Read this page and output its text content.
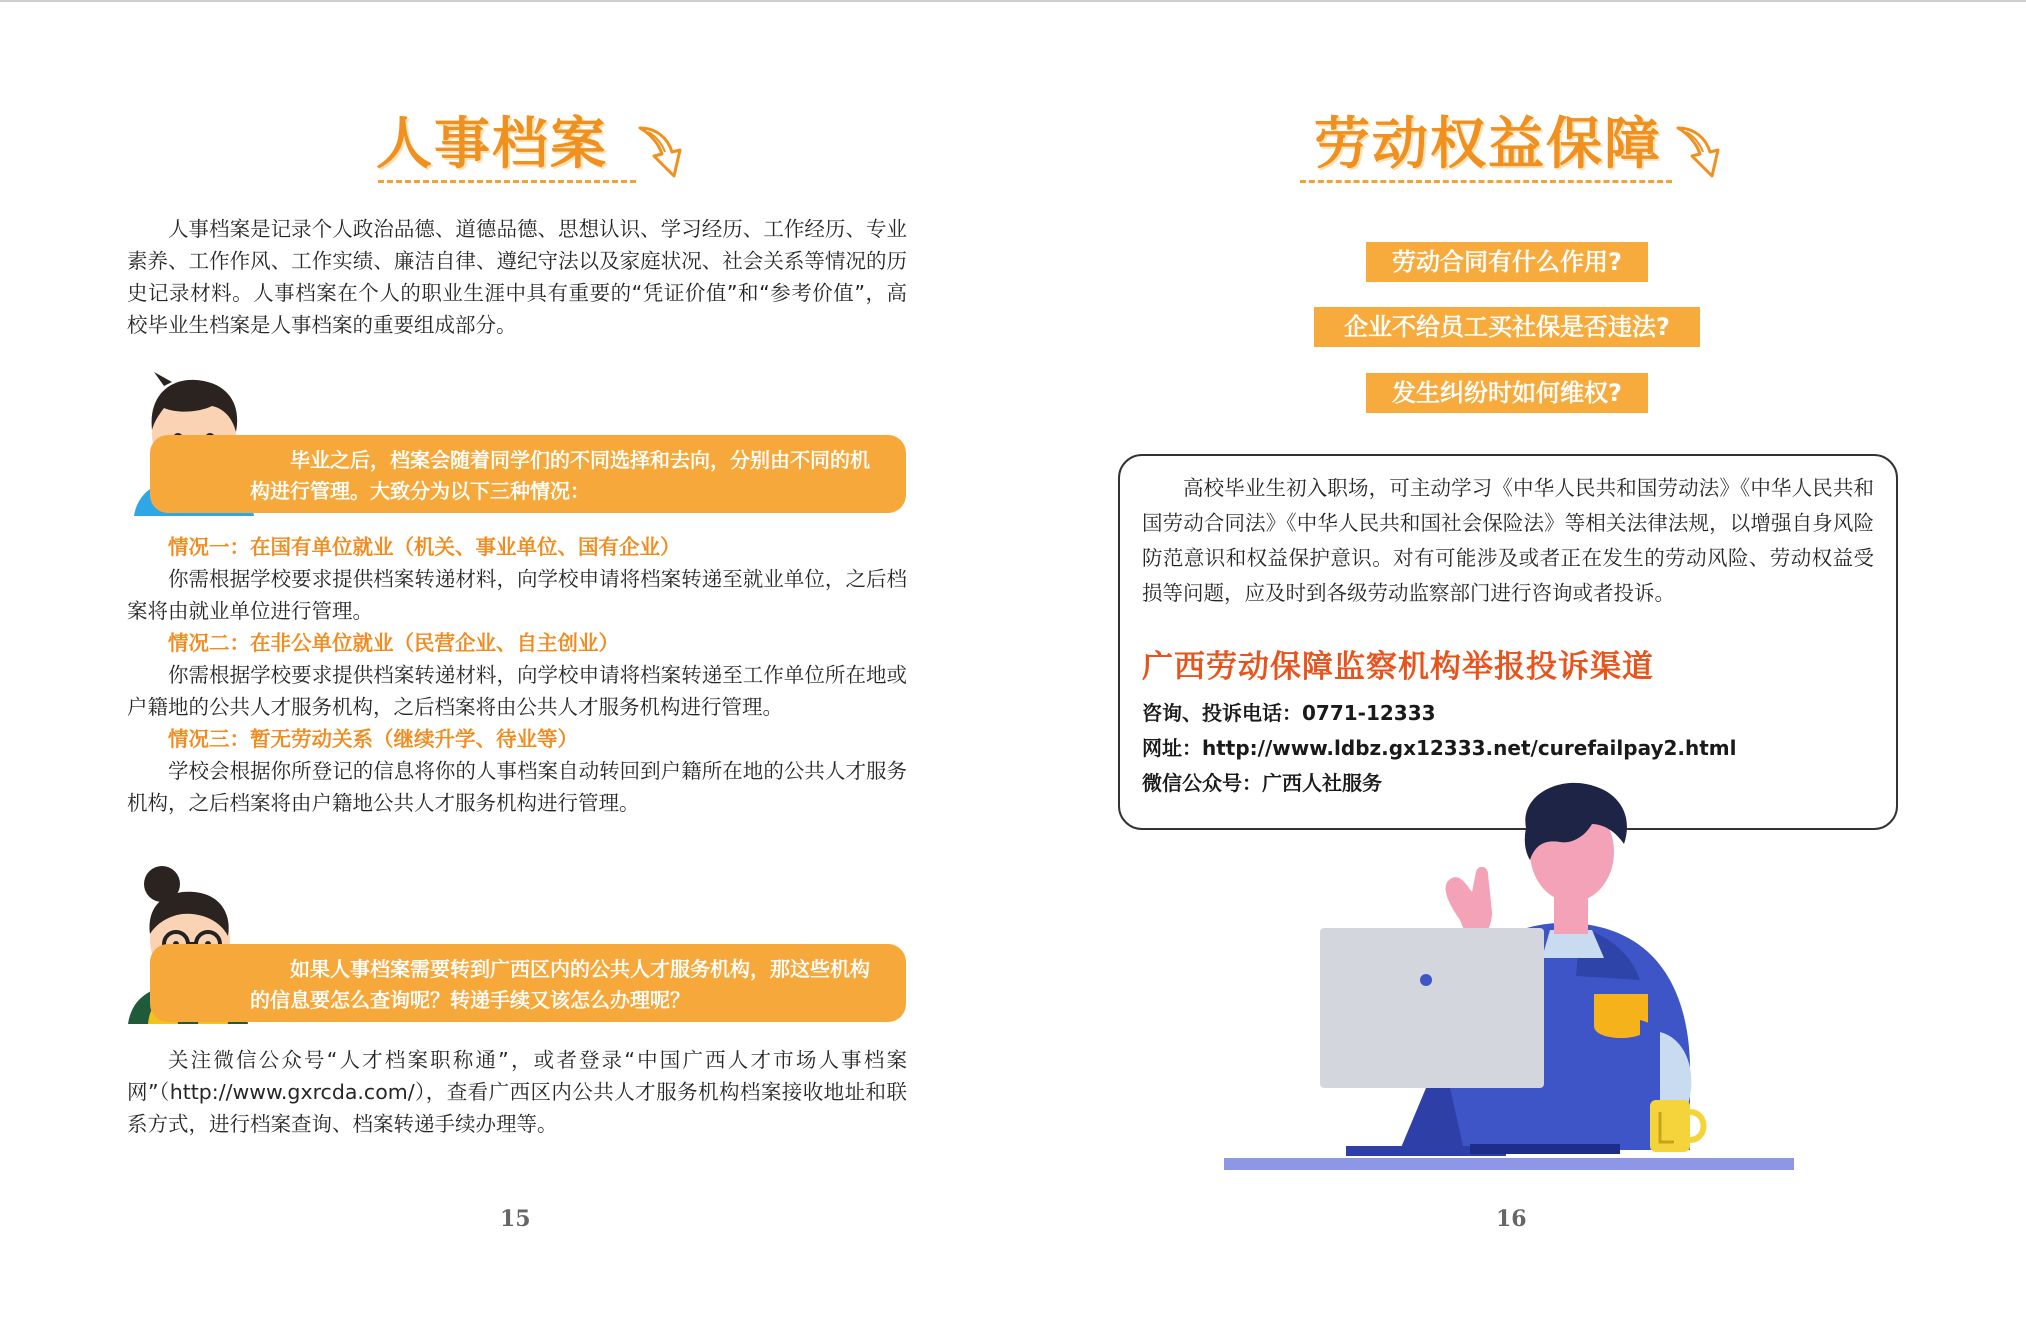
人事档案

人事档案是记录个人政治品德、道德品德、思想认识、学习经历、工作经历、专业素养、工作作风、工作实绩、廉洁自律、遵纪守法以及家庭状况、社会关系等情况的历史记录材料。人事档案在个人的职业生涯中具有重要的“凭证价值”和“参考价值”，高校毕业生档案是人事档案的重要组成部分。

毕业之后，档案会随着同学们的不同选择和去向，分别由不同的机构进行管理。大致分为以下三种情况：

情况一：在国有单位就业（机关、事业单位、国有企业）

你需根据学校要求提供档案转递材料，向学校申请将档案转递至就业单位，之后档案将由就业单位进行管理。

情况二：在非公单位就业（民营企业、自主创业）

你需根据学校要求提供档案转递材料，向学校申请将档案转递至工作单位所在地或户籍地的公共人才服务机构，之后档案将由公共人才服务机构进行管理。

情况三：暂无劳动关系（继续升学、待业等）

学校会根据你所登记的信息将你的人事档案自动转回到户籍所在地的公共人才服务机构，之后档案将由户籍地公共人才服务机构进行管理。

如果人事档案需要转到广西区内的公共人才服务机构，那这些机构的信息要怎么查询呢？转递手续又该怎么办理呢？

关注微信公众号“人才档案职称通”，或者登录“中国广西人才市场人事档案网”（http://www.gxrcda.com/），查看广西区内公共人才服务机构档案接收地址和联系方式，进行档案查询、档案转递手续办理等。

15
劳动权益保障
劳动合同有什么作用?
企业不给员工买社保是否违法?
发生纠纷时如何维权?

高校毕业生初入职场，可主动学习《中华人民共和国劳动法》《中华人民共和国劳动合同法》《中华人民共和国社会保险法》等相关法律法规，以增强自身风险防范意识和权益保护意识。对有可能涉及或者正在发生的劳动风险、劳动权益受损等问题，应及时到各级劳动监察部门进行咨询或者投诉。

广西劳动保障监察机构举报投诉渠道
咨询、投诉电话：0771-12333
网址：http://www.ldbz.gx12333.net/curefailpay2.html
微信公众号：广西人社服务
16
